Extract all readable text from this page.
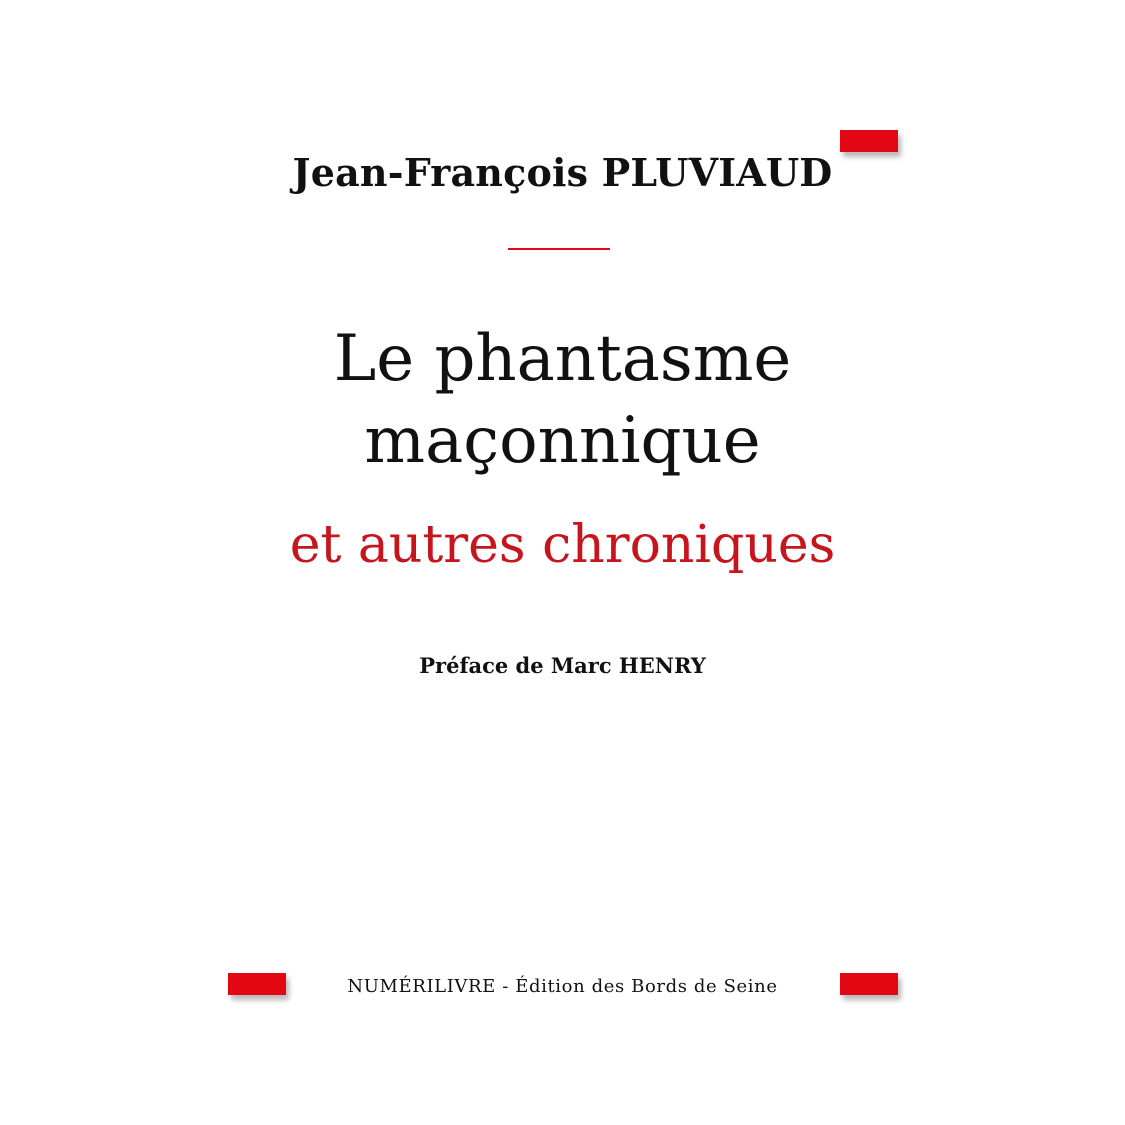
Jean-François PLUVIAUD
Le phantasme
maçonnique
et autres chroniques
Préface de Marc HENRY
NUMÉRILIVRE - Édition des Bords de Seine
